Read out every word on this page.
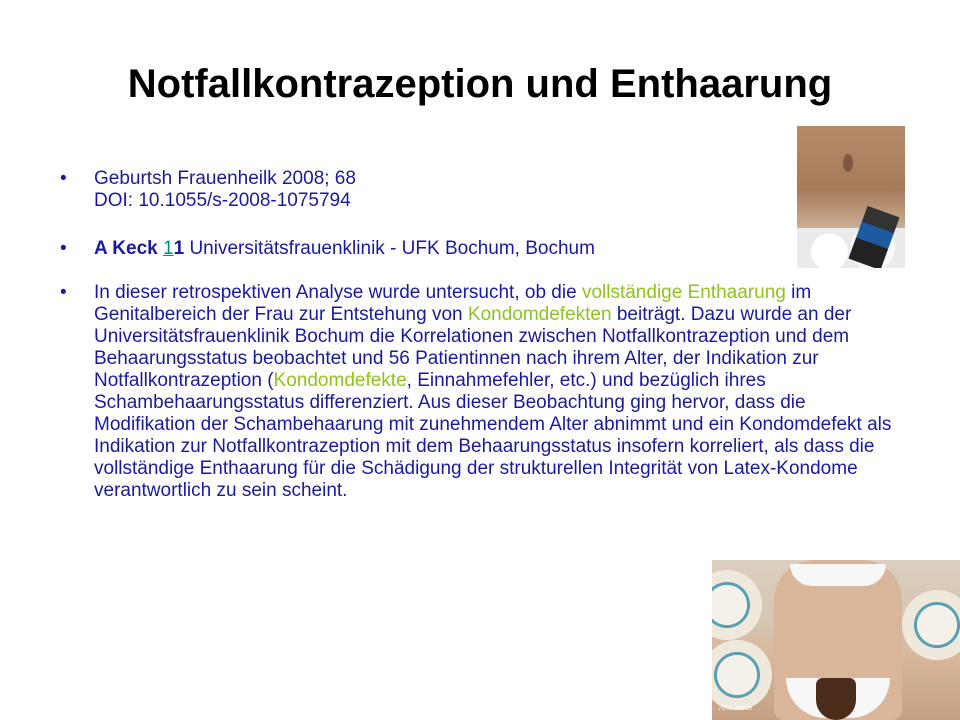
Notfallkontrazeption und Enthaarung
• Geburtsh Frauenheilk 2008; 68
DOI: 10.1055/s-2008-1075794
• A Keck 11 Universitätsfrauenklinik - UFK Bochum, Bochum
• In dieser retrospektiven Analyse wurde untersucht, ob die vollständige Enthaarung im Genitalbereich der Frau zur Entstehung von Kondomdefekten beiträgt. Dazu wurde an der Universitätsfrauenklinik Bochum die Korrelationen zwischen Notfallkontrazeption und dem Behaarungsstatus beobachtet und 56 Patientinnen nach ihrem Alter, der Indikation zur Notfallkontrazeption (Kondomdefekte, Einnahmefehler, etc.) und bezüglich ihres Schambehaarungsstatus differenziert. Aus dieser Beobachtung ging hervor, dass die Modifikation der Schambehaarung mit zunehmendem Alter abnimmt und ein Kondomdefekt als Indikation zur Notfallkontrazeption mit dem Behaarungsstatus insofern korreliert, als dass die vollständige Enthaarung für die Schädigung der strukturellen Integrität von Latex-Kondome verantwortlich zu sein scheint.
70% inside
